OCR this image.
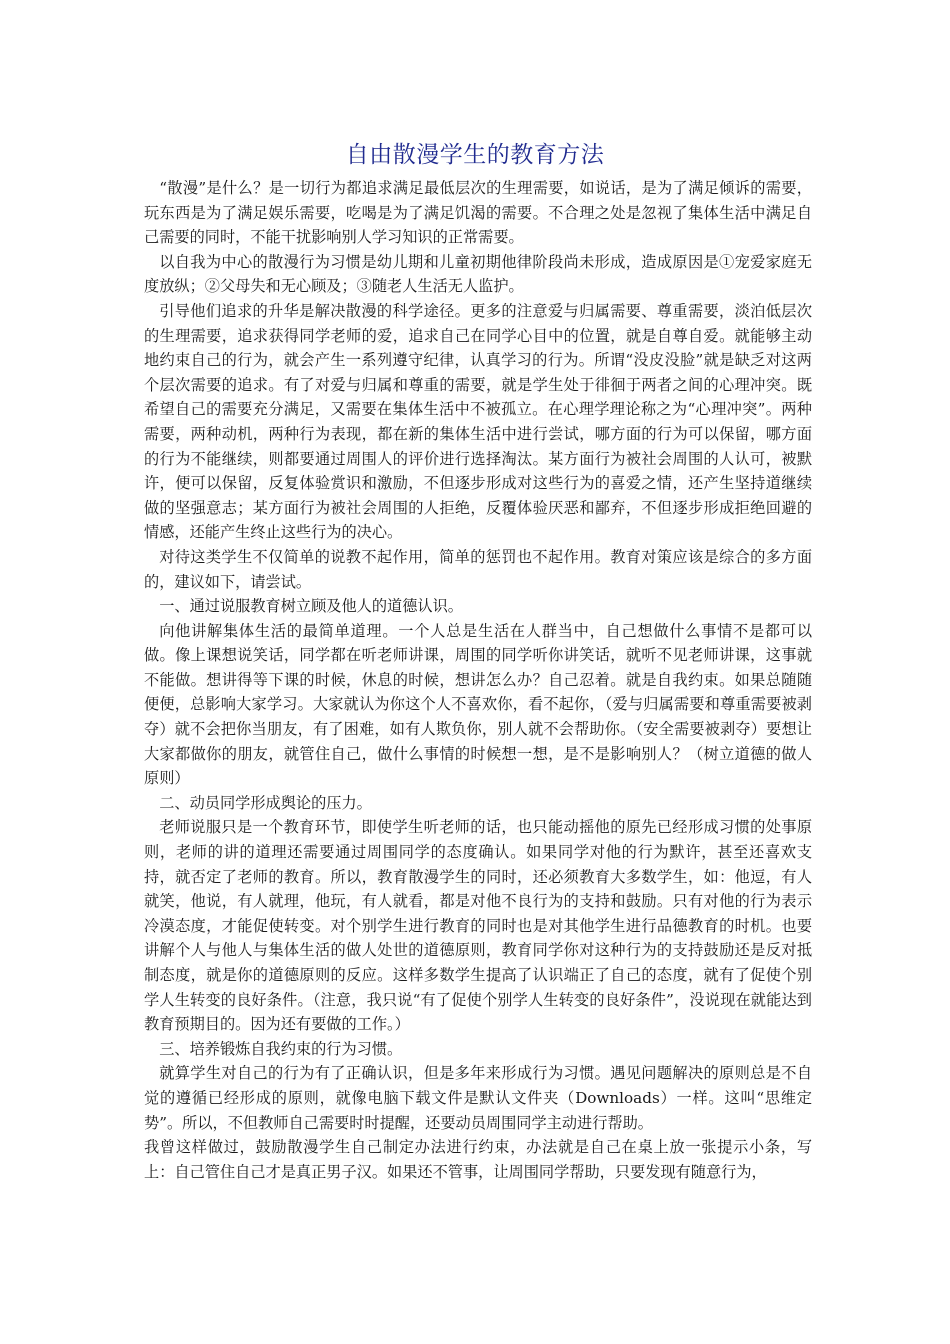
自由散漫学生的教育方法

“散漫”是什么？是一切行为都追求满足最低层次的生理需要，如说话，是为了满足倾诉的需要，玩东西是为了满足娱乐需要，吃喝是为了满足饥渴的需要。不合理之处是忽视了集体生活中满足自己需要的同时，不能干扰影响别人学习知识的正常需要。

以自我为中心的散漫行为习惯是幼儿期和儿童初期他律阶段尚未形成，造成原因是①宠爱家庭无度放纵；②父母失和无心顾及；③随老人生活无人监护。

引导他们追求的升华是解决散漫的科学途径。更多的注意爱与归属需要、尊重需要，淡泊低层次的生理需要，追求获得同学老师的爱，追求自己在同学心目中的位置，就是自尊自爱。就能够主动地约束自己的行为，就会产生一系列遵守纪律，认真学习的行为。所谓“没皮没脸”就是缺乏对这两个层次需要的追求。有了对爱与归属和尊重的需要，就是学生处于徘徊于两者之间的心理冲突。既希望自己的需要充分满足，又需要在集体生活中不被孤立。在心理学理论称之为“心理冲突”。两种需要，两种动机，两种行为表现，都在新的集体生活中进行尝试，哪方面的行为可以保留，哪方面的行为不能继续，则都要通过周围人的评价进行选择淘汰。某方面行为被社会周围的人认可，被默许，便可以保留，反复体验赏识和激励，不但逐步形成对这些行为的喜爱之情，还产生坚持道继续做的坚强意志；某方面行为被社会周围的人拒绝，反覆体验厌恶和鄙弃，不但逐步形成拒绝回避的情感，还能产生终止这些行为的决心。

对待这类学生不仅简单的说教不起作用，简单的惩罚也不起作用。教育对策应该是综合的多方面的，建议如下，请尝试。

一、通过说服教育树立顾及他人的道德认识。

向他讲解集体生活的最简单道理。一个人总是生活在人群当中，自己想做什么事情不是都可以做。像上课想说笑话，同学都在听老师讲课，周围的同学听你讲笑话，就听不见老师讲课，这事就不能做。想讲得等下课的时候，休息的时候，想讲怎么办？自己忍着。就是自我约束。如果总随随便便，总影响大家学习。大家就认为你这个人不喜欢你，看不起你，（爱与归属需要和尊重需要被剥夺）就不会把你当朋友，有了困难，如有人欺负你，别人就不会帮助你。（安全需要被剥夺）要想让大家都做你的朋友，就管住自己，做什么事情的时候想一想，是不是影响别人？（树立道德的做人原则）

二、动员同学形成舆论的压力。

老师说服只是一个教育环节，即使学生听老师的话，也只能动摇他的原先已经形成习惯的处事原则，老师的讲的道理还需要通过周围同学的态度确认。如果同学对他的行为默许，甚至还喜欢支持，就否定了老师的教育。所以，教育散漫学生的同时，还必须教育大多数学生，如：他逗，有人就笑，他说，有人就理，他玩，有人就看，都是对他不良行为的支持和鼓励。只有对他的行为表示冷漠态度，才能促使转变。对个别学生进行教育的同时也是对其他学生进行品德教育的时机。也要讲解个人与他人与集体生活的做人处世的道德原则，教育同学你对这种行为的支持鼓励还是反对抵制态度，就是你的道德原则的反应。这样多数学生提高了认识端正了自己的态度，就有了促使个别学人生转变的良好条件。（注意，我只说“有了促使个别学人生转变的良好条件”，没说现在就能达到教育预期目的。因为还有要做的工作。）

三、培养锻炼自我约束的行为习惯。

就算学生对自己的行为有了正确认识，但是多年来形成行为习惯。遇见问题解决的原则总是不自觉的遵循已经形成的原则，就像电脑下载文件是默认文件夹（Downloads）一样。这叫“思维定势”。所以，不但教师自己需要时时提醒，还要动员周围同学主动进行帮助。

我曾这样做过，鼓励散漫学生自己制定办法进行约束，办法就是自己在桌上放一张提示小条，写上：自己管住自己才是真正男子汉。如果还不管事，让周围同学帮助，只要发现有随意行为，
